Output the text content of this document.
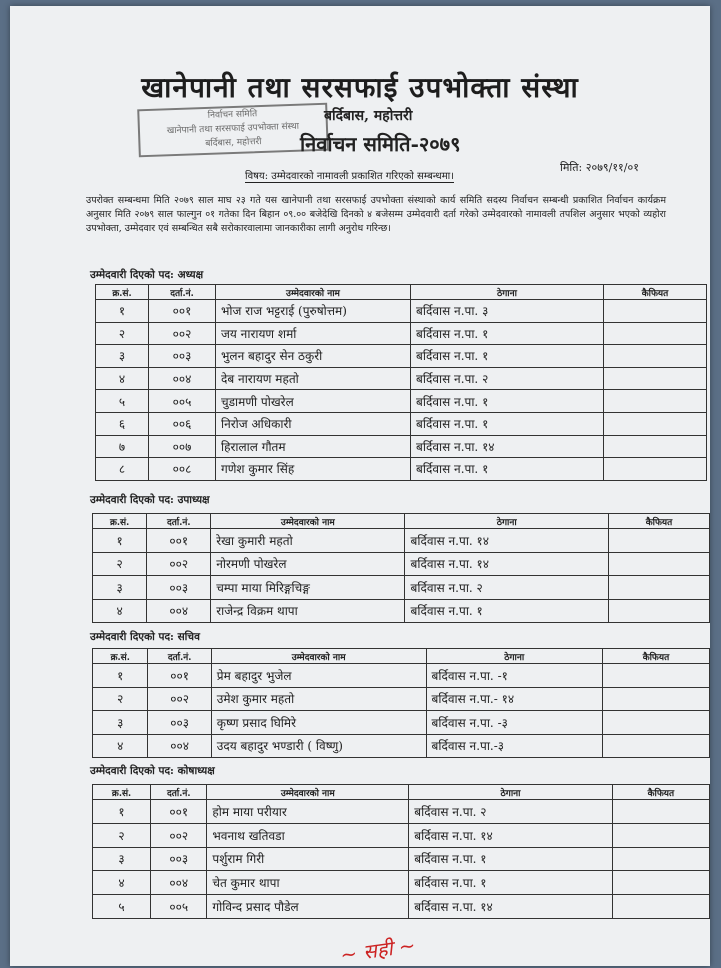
खानेपानी तथा सरसफाई उपभोक्ता संस्था
निर्वाचन समिति
खानेपानी तथा सरसफाई उपभोक्ता संस्था
बर्दिबास, महोत्तरी
बर्दिबास, महोत्तरी
निर्वाचन समिति-२०७९
मिति: २०७९/११/०१
विषय: उम्मेदवारको नामावली प्रकाशित गरिएको सम्बन्धमा।
उपरोक्त सम्बन्धमा मिति २०७९ साल माघ २३ गते यस खानेपानी तथा सरसफाई उपभोक्ता संस्थाको कार्य समिति सदस्य निर्वाचन सम्बन्धी प्रकाशित निर्वाचन कार्यक्रम अनुसार मिति २०७९ साल फाल्गुन ०१ गतेका दिन बिहान ०९.०० बजेदेखि दिनको ४ बजेसम्म उम्मेदवारी दर्ता गरेको उम्मेदवारको नामावली तपशिल अनुसार भएको व्यहोरा उपभोक्ता, उम्मेदवार एवं सम्बन्धित सबै सरोकारवालामा जानकारीका लागी अनुरोध गरिन्छ।
उम्मेदवारी दिएको पद: अध्यक्ष
क्र.सं.	दर्ता.नं.	उम्मेदवारको नाम	ठेगाना	कैफियत
१	००१	भोज राज भट्टराई (पुरुषोत्तम)	बर्दिवास न.पा. ३	
२	००२	जय नारायण शर्मा	बर्दिवास न.पा. १	
३	००३	भुलन बहादुर सेन ठकुरी	बर्दिवास न.पा. १	
४	००४	देब नारायण महतो	बर्दिवास न.पा. २	
५	००५	चुडामणी पोखरेल	बर्दिवास न.पा. १	
६	००६	निरोज अधिकारी	बर्दिवास न.पा. १	
७	००७	हिरालाल गौतम	बर्दिवास न.पा. १४	
८	००८	गणेश कुमार सिंह	बर्दिवास न.पा. १	
उम्मेदवारी दिएको पद: उपाध्यक्ष
क्र.सं.	दर्ता.नं.	उम्मेदवारको नाम	ठेगाना	कैफियत
१	००१	रेखा कुमारी महतो	बर्दिवास न.पा. १४	
२	००२	नोरमणी पोखरेल	बर्दिवास न.पा. १४	
३	००३	चम्पा माया मिरिङ्गचिङ्ग	बर्दिवास न.पा. २	
४	००४	राजेन्द्र विक्रम थापा	बर्दिवास न.पा. १	
उम्मेदवारी दिएको पद: सचिव
क्र.सं.	दर्ता.नं.	उम्मेदवारको नाम	ठेगाना	कैफियत
१	००१	प्रेम बहादुर भुजेल	बर्दिवास न.पा. -१	
२	००२	उमेश कुमार महतो	बर्दिवास न.पा.- १४	
३	००३	कृष्ण प्रसाद घिमिरे	बर्दिवास न.पा. -३	
४	००४	उदय बहादुर भण्डारी ( विष्णु)	बर्दिवास न.पा.-३	
उम्मेदवारी दिएको पद: कोषाध्यक्ष
क्र.सं.	दर्ता.नं.	उम्मेदवारको नाम	ठेगाना	कैफियत
१	००१	होम माया परीयार	बर्दिवास न.पा. २	
२	००२	भवनाथ खतिवडा	बर्दिवास न.पा. १४	
३	००३	पर्शुराम गिरी	बर्दिवास न.पा. १	
४	००४	चेत कुमार थापा	बर्दिवास न.पा. १	
५	००५	गोविन्द प्रसाद पौडेल	बर्दिवास न.पा. १४	
~ सही ~
